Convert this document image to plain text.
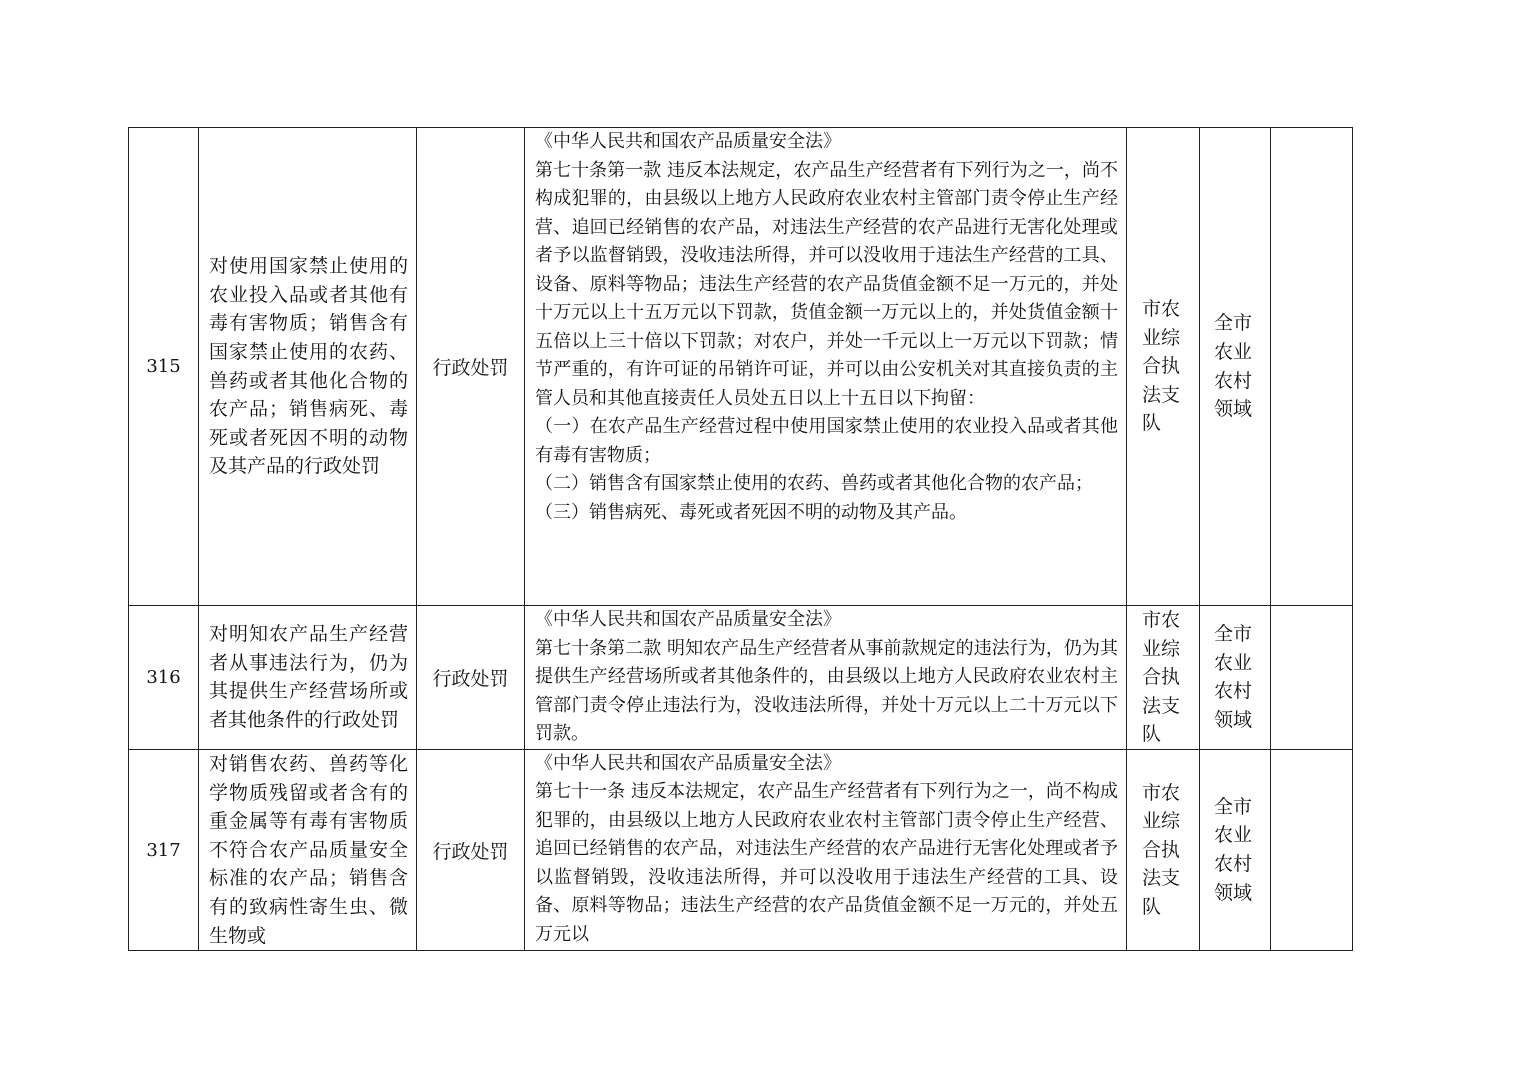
315	对使用国家禁止使用的农业投入品或者其他有毒有害物质；销售含有国家禁止使用的农药、兽药或者其他化合物的农产品；销售病死、毒死或者死因不明的动物及其产品的行政处罚	行政处罚	《中华人民共和国农产品质量安全法》
第七十条第一款 违反本法规定，农产品生产经营者有下列行为之一，尚不构成犯罪的，由县级以上地方人民政府农业农村主管部门责令停止生产经营、追回已经销售的农产品，对违法生产经营的农产品进行无害化处理或者予以监督销毁，没收违法所得，并可以没收用于违法生产经营的工具、设备、原料等物品；违法生产经营的农产品货值金额不足一万元的，并处十万元以上十五万元以下罚款，货值金额一万元以上的，并处货值金额十五倍以上三十倍以下罚款；对农户，并处一千元以上一万元以下罚款；情节严重的，有许可证的吊销许可证，并可以由公安机关对其直接负责的主管人员和其他直接责任人员处五日以上十五日以下拘留：
（一）在农产品生产经营过程中使用国家禁止使用的农业投入品或者其他有毒有害物质；
（二）销售含有国家禁止使用的农药、兽药或者其他化合物的农产品；
（三）销售病死、毒死或者死因不明的动物及其产品。	市农业综合执法支队	全市农业农村领域	
316	对明知农产品生产经营者从事违法行为，仍为其提供生产经营场所或者其他条件的行政处罚	行政处罚	《中华人民共和国农产品质量安全法》
第七十条第二款 明知农产品生产经营者从事前款规定的违法行为，仍为其提供生产经营场所或者其他条件的，由县级以上地方人民政府农业农村主管部门责令停止违法行为，没收违法所得，并处十万元以上二十万元以下罚款。	市农业综合执法支队	全市农业农村领域	
317	对销售农药、兽药等化学物质残留或者含有的重金属等有毒有害物质不符合农产品质量安全标准的农产品；销售含有的致病性寄生虫、微生物或	行政处罚	《中华人民共和国农产品质量安全法》
第七十一条 违反本法规定，农产品生产经营者有下列行为之一，尚不构成犯罪的，由县级以上地方人民政府农业农村主管部门责令停止生产经营、追回已经销售的农产品，对违法生产经营的农产品进行无害化处理或者予以监督销毁，没收违法所得，并可以没收用于违法生产经营的工具、设备、原料等物品；违法生产经营的农产品货值金额不足一万元的，并处五万元以	市农业综合执法支队	全市农业农村领域	
